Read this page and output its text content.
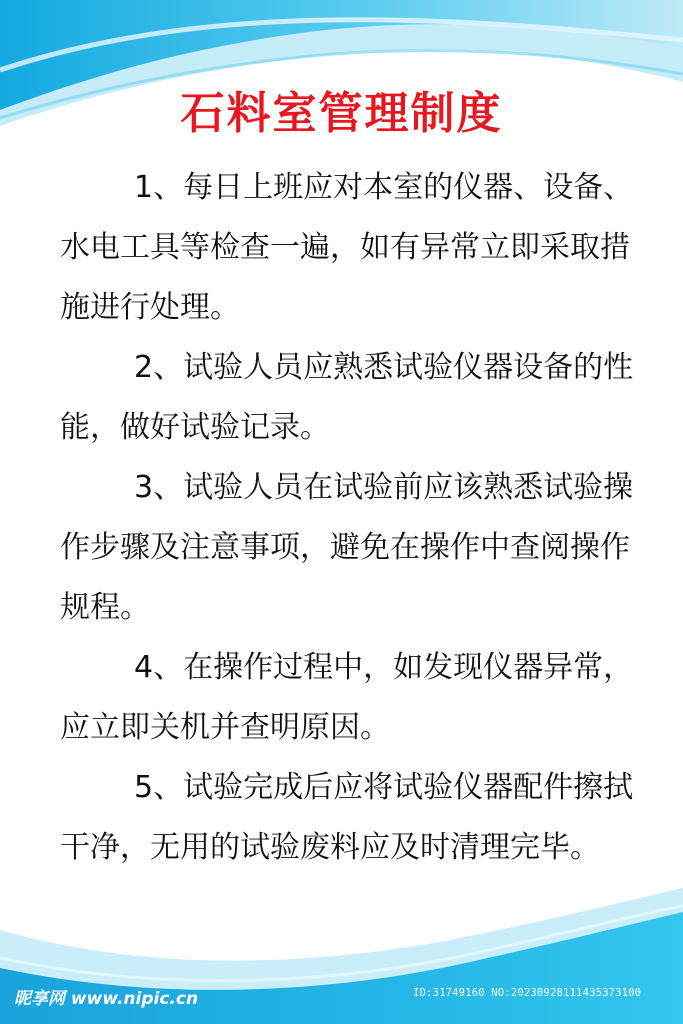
石料室管理制度

1、每日上班应对本室的仪器、设备、水电工具等检查一遍，如有异常立即采取措施进行处理。

2、试验人员应熟悉试验仪器设备的性能，做好试验记录。

3、试验人员在试验前应该熟悉试验操作步骤及注意事项，避免在操作中查阅操作规程。

4、在操作过程中，如发现仪器异常，应立即关机并查明原因。

5、试验完成后应将试验仪器配件擦拭干净，无用的试验废料应及时清理完毕。

昵享网 www.nipic.cn	ID:31749160 NO:20230928111435373100
